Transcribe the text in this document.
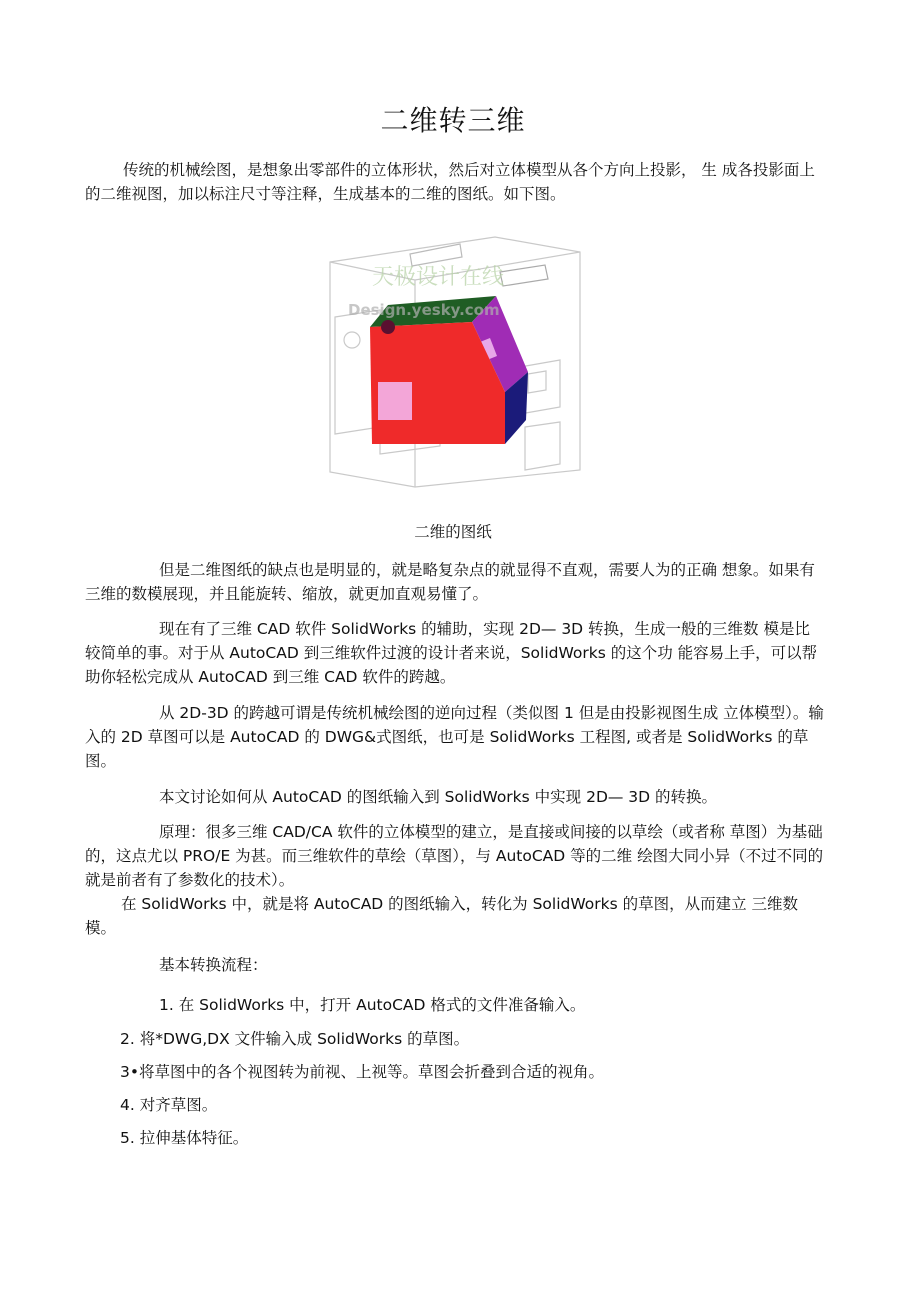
二维转三维

传统的机械绘图，是想象出零部件的立体形状，然后对立体模型从各个方向上投影， 生 成各投影面上的二维视图，加以标注尺寸等注释，生成基本的二维的图纸。如下图。

天极设计在线
Design.yesky.com
二维的图纸

但是二维图纸的缺点也是明显的，就是略复杂点的就显得不直观，需要人为的正确 想象。如果有三维的数模展现，并且能旋转、缩放，就更加直观易懂了。

现在有了三维 CAD 软件 SolidWorks 的辅助，实现 2D— 3D 转换，生成一般的三维数 模是比较简单的事。对于从 AutoCAD 到三维软件过渡的设计者来说，SolidWorks 的这个功 能容易上手，可以帮助你轻松完成从 AutoCAD 到三维 CAD 软件的跨越。

从 2D-3D 的跨越可谓是传统机械绘图的逆向过程（类似图 1 但是由投影视图生成 立体模型）。输入的 2D 草图可以是 AutoCAD 的 DWG&式图纸，也可是 SolidWorks 工程图, 或者是 SolidWorks 的草图。

本文讨论如何从 AutoCAD 的图纸输入到 SolidWorks 中实现 2D— 3D 的转换。

原理：很多三维 CAD/CA 软件的立体模型的建立，是直接或间接的以草绘（或者称 草图）为基础的，这点尤以 PRO/E 为甚。而三维软件的草绘（草图），与 AutoCAD 等的二维 绘图大同小异（不过不同的就是前者有了参数化的技术）。

在 SolidWorks 中，就是将 AutoCAD 的图纸输入，转化为 SolidWorks 的草图，从而建立 三维数模。

基本转换流程：

1. 在 SolidWorks 中，打开 AutoCAD 格式的文件准备输入。
2. 将*DWG,DX 文件输入成 SolidWorks 的草图。
3•将草图中的各个视图转为前视、上视等。草图会折叠到合适的视角。
4. 对齐草图。
5. 拉伸基体特征。
